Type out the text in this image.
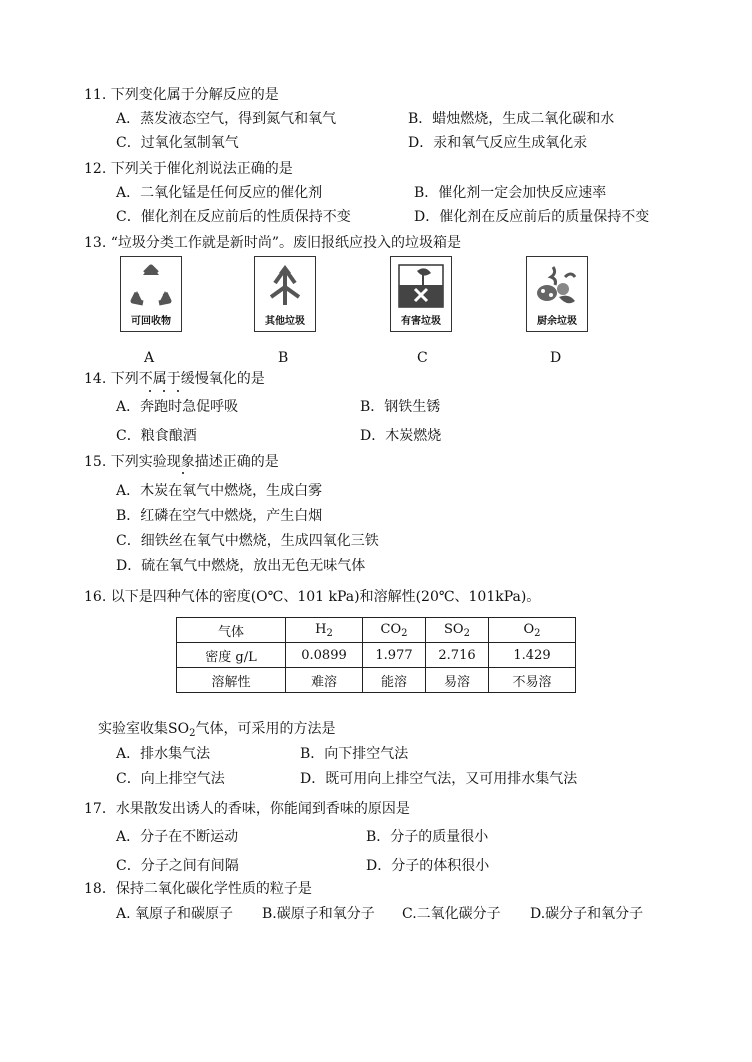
11. 下列变化属于分解反应的是
A．蒸发液态空气，得到氮气和氧气	B．蜡烛燃烧，生成二氧化碳和水
C．过氧化氢制氧气	D．汞和氧气反应生成氧化汞
12. 下列关于催化剂说法正确的是
A．二氧化锰是任何反应的催化剂	B．催化剂一定会加快反应速率
C．催化剂在反应前后的性质保持不变	D．催化剂在反应前后的质量保持不变
13. “垃圾分类工作就是新时尚”。废旧报纸应投入的垃圾箱是
可回收物	其他垃圾	有害垃圾	厨余垃圾
A	B	C	D
14. 下列不属于缓慢氧化的是
A．奔跑时急促呼吸	B．钢铁生锈
C．粮食酿酒	D．木炭燃烧
15. 下列实验现象描述正确的是
A．木炭在氧气中燃烧，生成白雾
B．红磷在空气中燃烧，产生白烟
C．细铁丝在氧气中燃烧，生成四氧化三铁
D．硫在氧气中燃烧，放出无色无味气体
16. 以下是四种气体的密度(O℃、101 kPa)和溶解性(20℃、101kPa)。
气体	$H_2$	$CO_2$	$SO_2$	$O_2$
密度 g/L	0.0899	1.977	2.716	1.429
溶解性	难溶	能溶	易溶	不易溶
实验室收集$SO_2$气体，可采用的方法是
A．排水集气法	B．向下排空气法
C．向上排空气法	D．既可用向上排空气法，又可用排水集气法
17．水果散发出诱人的香味，你能闻到香味的原因是
A．分子在不断运动	B．分子的质量很小
C．分子之间有间隔	D．分子的体积很小
18．保持二氧化碳化学性质的粒子是
A. 氧原子和碳原子 B.碳原子和氧分子 C.二氧化碳分子 D.碳分子和氧分子
